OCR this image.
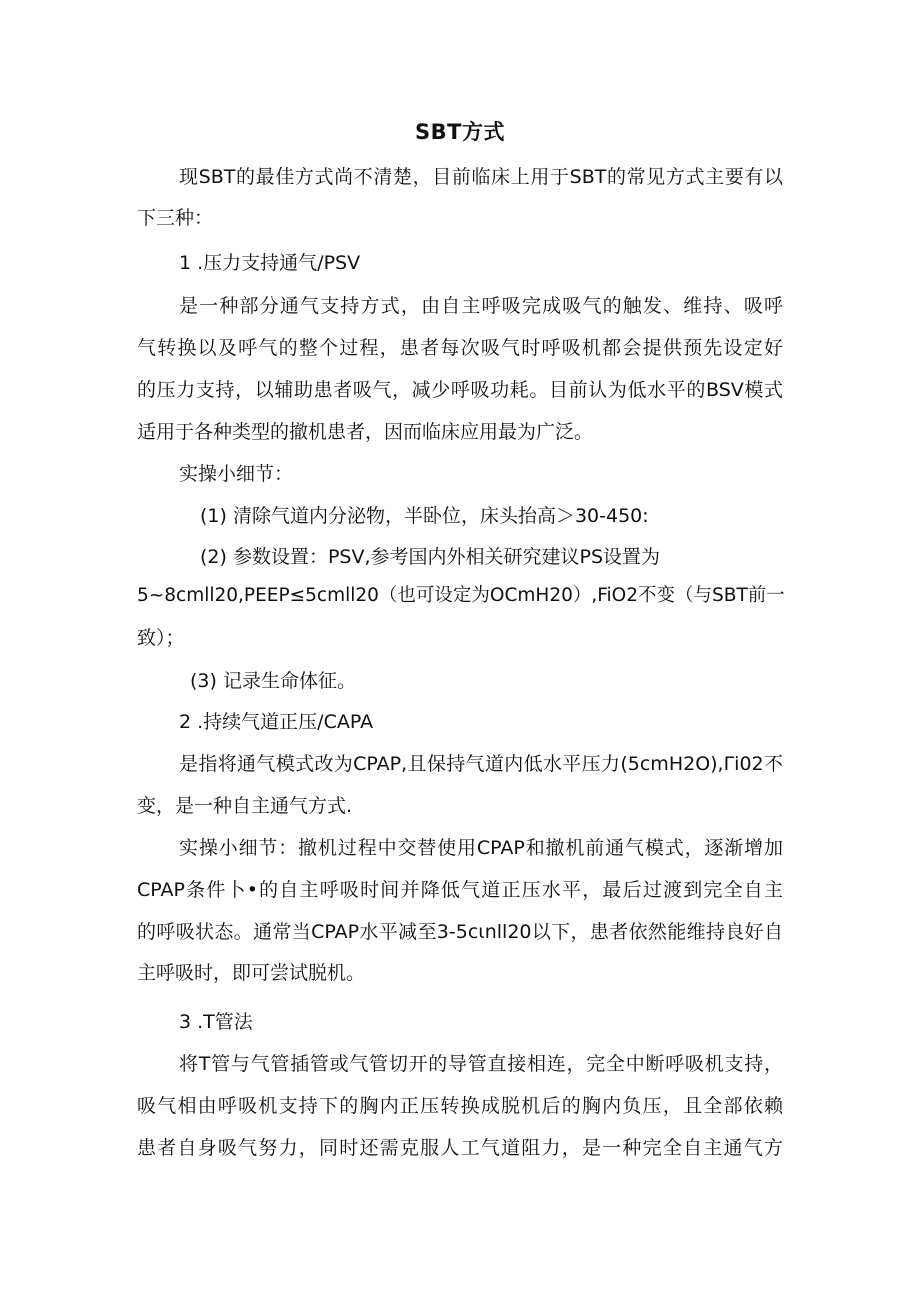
SBT方式
现SBT的最佳方式尚不清楚，目前临床上用于SBT的常见方式主要有以
下三种：
1 .压力支持通气/PSV
是一种部分通气支持方式，由自主呼吸完成吸气的触发、维持、吸呼
气转换以及呼气的整个过程，患者每次吸气时呼吸机都会提供预先设定好
的压力支持，以辅助患者吸气，减少呼吸功耗。目前认为低水平的BSV模式
适用于各种类型的撤机患者，因而临床应用最为广泛。
实操小细节：
(1) 清除气道内分泌物，半卧位，床头抬高＞30-450:
(2) 参数设置：PSV,参考国内外相关研究建议PS设置为
5~8cmll20,PEEP≤5cmll20（也可设定为OCmH20）,FiO2不变（与SBT前一
致）；
(3) 记录生命体征。
2 .持续气道正压/CAPA
是指将通气模式改为CPAP,且保持气道内低水平压力(5cmH2O),Γi02不
变，是一种自主通气方式.
实操小细节：撤机过程中交替使用CPAP和撤机前通气模式，逐渐增加
CPAP条件卜•的自主呼吸时间并降低气道正压水平，最后过渡到完全自主
的呼吸状态。通常当CPAP水平减至3-5cιnll20以下，患者依然能维持良好自
主呼吸时，即可尝试脱机。
3 .T管法
将T管与气管插管或气管切开的导管直接相连，完全中断呼吸机支持，
吸气相由呼吸机支持下的胸内正压转换成脱机后的胸内负压，且全部依赖
患者自身吸气努力，同时还需克服人工气道阻力，是一种完全自主通气方
